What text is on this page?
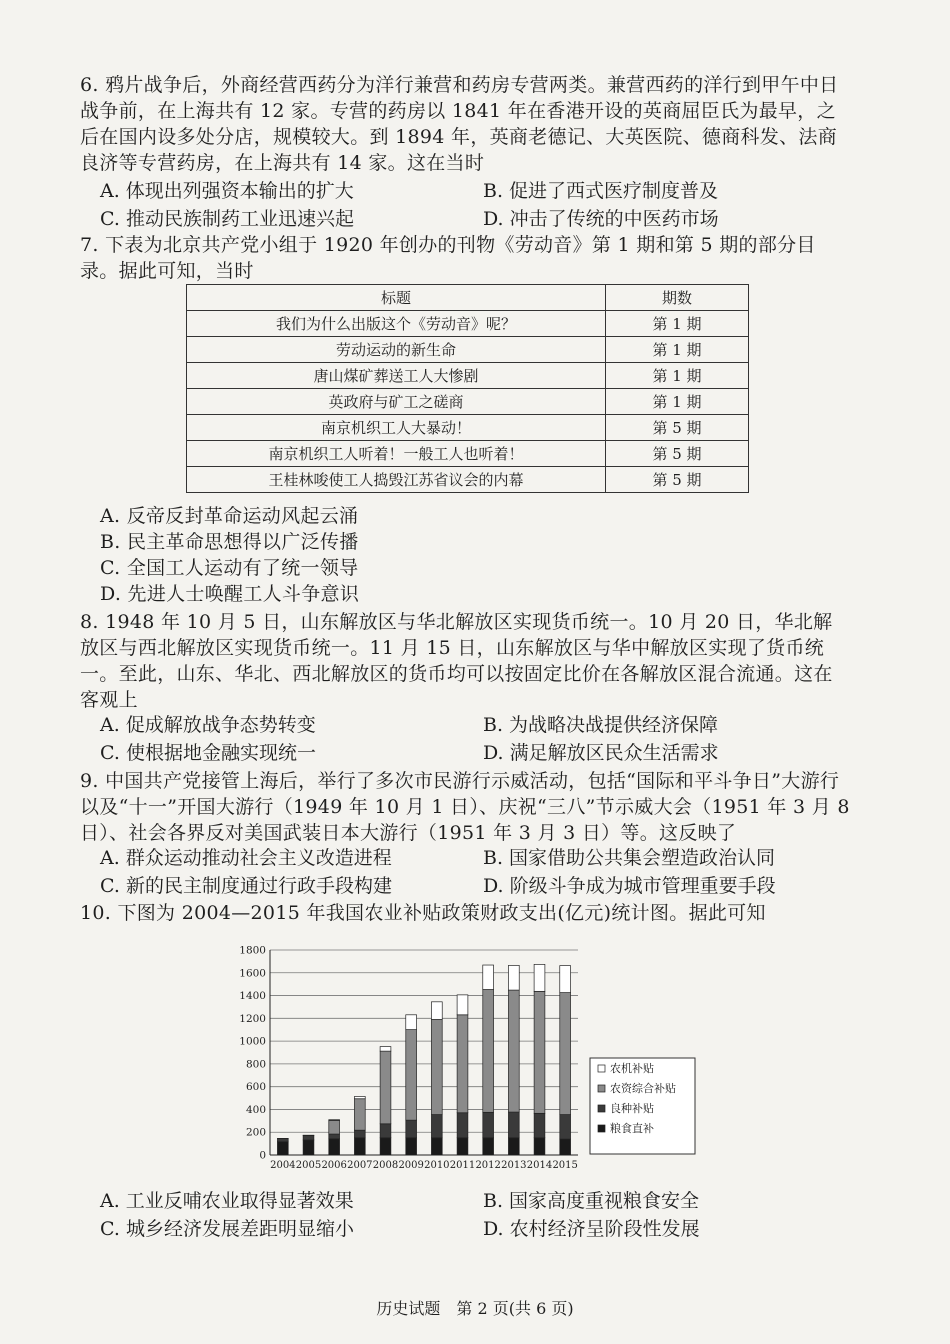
6. 鸦片战争后，外商经营西药分为洋行兼营和药房专营两类。兼营西药的洋行到甲午中日战争前，在上海共有 12 家。专营的药房以 1841 年在香港开设的英商屈臣氏为最早，之后在国内设多处分店，规模较大。到 1894 年，英商老德记、大英医院、德商科发、法商良济等专营药房，在上海共有 14 家。这在当时

A. 体现出列强资本输出的扩大	B. 促进了西式医疗制度普及
C. 推动民族制药工业迅速兴起	D. 冲击了传统的中医药市场

7. 下表为北京共产党小组于 1920 年创办的刊物《劳动音》第 1 期和第 5 期的部分目录。据此可知，当时

标题	期数
我们为什么出版这个《劳动音》呢？	第 1 期
劳动运动的新生命	第 1 期
唐山煤矿葬送工人大惨剧	第 1 期
英政府与矿工之磋商	第 1 期
南京机织工人大暴动！	第 5 期
南京机织工人听着！一般工人也听着！	第 5 期
王桂林唆使工人捣毁江苏省议会的内幕	第 5 期
A. 反帝反封革命运动风起云涌
B. 民主革命思想得以广泛传播
C. 全国工人运动有了统一领导
D. 先进人士唤醒工人斗争意识

8. 1948 年 10 月 5 日，山东解放区与华北解放区实现货币统一。10 月 20 日，华北解放区与西北解放区实现货币统一。11 月 15 日，山东解放区与华中解放区实现了货币统一。至此，山东、华北、西北解放区的货币均可以按固定比价在各解放区混合流通。这在客观上

A. 促成解放战争态势转变	B. 为战略决战提供经济保障
C. 使根据地金融实现统一	D. 满足解放区民众生活需求

9. 中国共产党接管上海后，举行了多次市民游行示威活动，包括“国际和平斗争日”大游行以及“十一”开国大游行（1949 年 10 月 1 日）、庆祝“三八”节示威大会（1951 年 3 月 8 日）、社会各界反对美国武装日本大游行（1951 年 3 月 3 日）等。这反映了

A. 群众运动推动社会主义改造进程	B. 国家借助公共集会塑造政治认同
C. 新的民主制度通过行政手段构建	D. 阶级斗争成为城市管理重要手段

10. 下图为 2004—2015 年我国农业补贴政策财政支出(亿元)统计图。据此可知

0
200
400
600
800
1000
1200
1400
1600
1800
2004 2005 2006 2007 2008 2009 2010 2011 2012 2013 2014 2015
农机补贴
农资综合补贴
良种补贴
粮食直补
A. 工业反哺农业取得显著效果	B. 国家高度重视粮食安全
C. 城乡经济发展差距明显缩小	D. 农村经济呈阶段性发展
历史试题　第 2 页(共 6 页)
